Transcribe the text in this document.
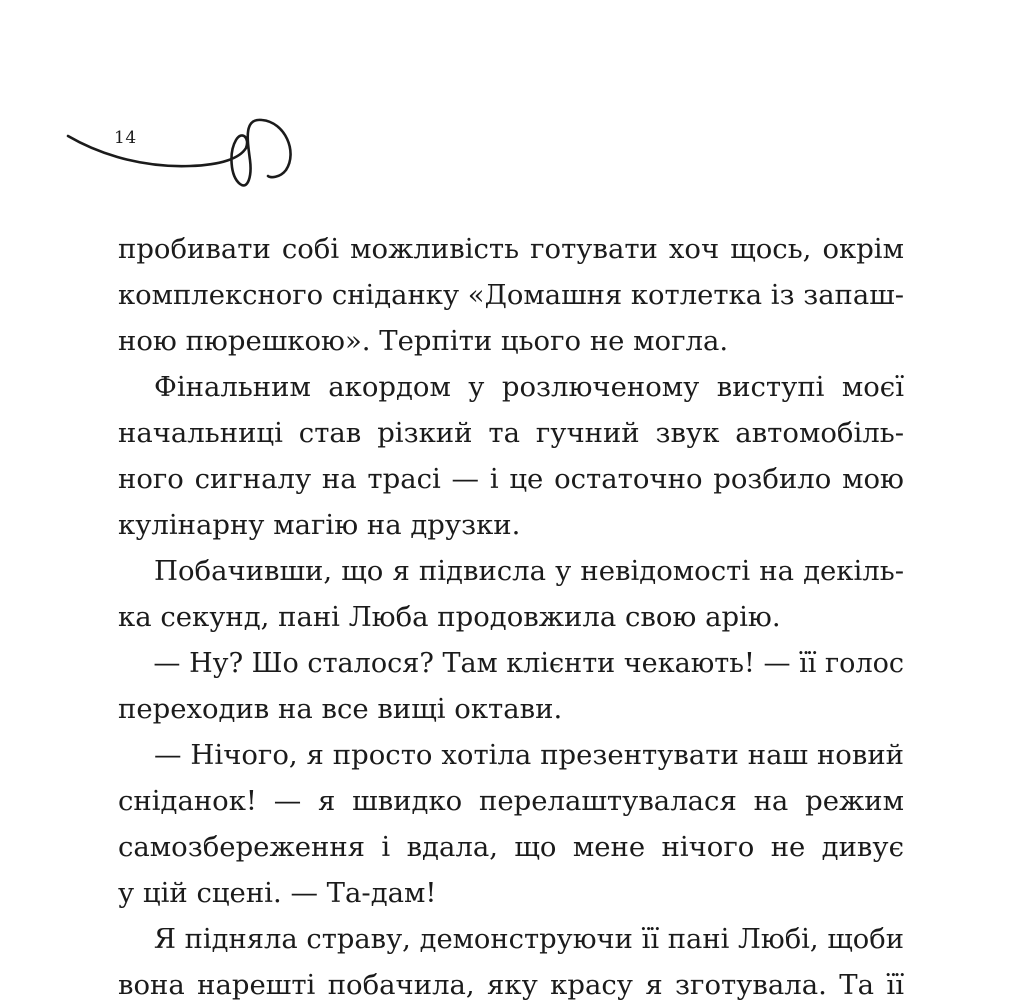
14
пробивати собі можливість готувати хоч щось, окрім
комплексного сніданку «Домашня котлетка із запаш-
ною пюрешкою». Терпіти цього не могла.
Фінальним акордом у розлюченому виступі моєї
начальниці став різкий та гучний звук автомобіль-
ного сигналу на трасі — і це остаточно розбило мою
кулінарну магію на друзки.
Побачивши, що я підвисла у невідомості на декіль-
ка секунд, пані Люба продовжила свою арію.
— Ну? Шо сталося? Там клієнти чекають! — її голос
переходив на все вищі октави.
— Нічого, я просто хотіла презентувати наш новий
сніданок! — я швидко перелаштувалася на режим
самозбереження і вдала, що мене нічого не дивує
у цій сцені. — Та-дам!
Я підняла страву, демонструючи її пані Любі, щоби
вона нарешті побачила, яку красу я зготувала. Та її
